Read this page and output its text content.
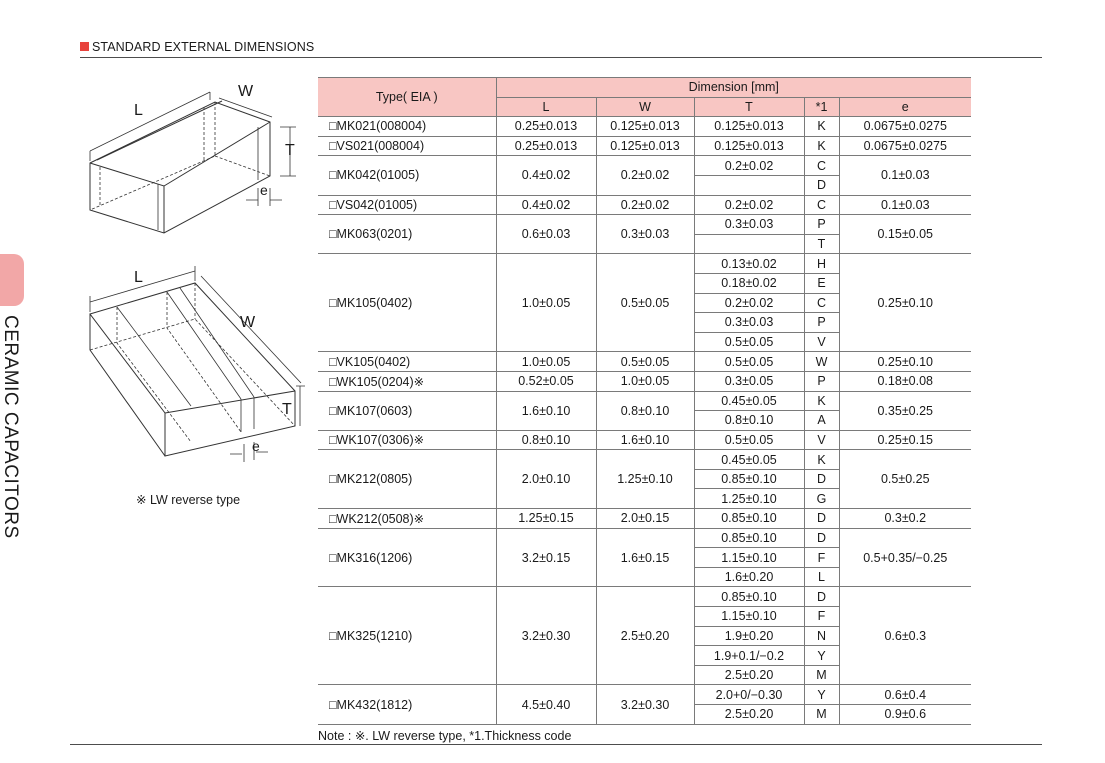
STANDARD EXTERNAL DIMENSIONS
CERAMIC CAPACITORS
L
W
T
e
L
W
T
e
※ LW reverse type
Type( EIA )	Dimension [mm]				
	L	W	T	*1	e
□MK021(008004)	0.25±0.013	0.125±0.013	0.125±0.013	K	0.0675±0.0275
□VS021(008004)	0.25±0.013	0.125±0.013	0.125±0.013	K	0.0675±0.0275
□MK042(01005)	0.4±0.02	0.2±0.02	0.2±0.02	C	0.1±0.03
				D	
□VS042(01005)	0.4±0.02	0.2±0.02	0.2±0.02	C	0.1±0.03
□MK063(0201)	0.6±0.03	0.3±0.03	0.3±0.03	P	0.15±0.05
				T	
□MK105(0402)	1.0±0.05	0.5±0.05	0.13±0.02	H	0.25±0.10
			0.18±0.02	E	
			0.2±0.02	C	
			0.3±0.03	P	
			0.5±0.05	V	
□VK105(0402)	1.0±0.05	0.5±0.05	0.5±0.05	W	0.25±0.10
□WK105(0204)※	0.52±0.05	1.0±0.05	0.3±0.05	P	0.18±0.08
□MK107(0603)	1.6±0.10	0.8±0.10	0.45±0.05	K	0.35±0.25
			0.8±0.10	A	
□WK107(0306)※	0.8±0.10	1.6±0.10	0.5±0.05	V	0.25±0.15
□MK212(0805)	2.0±0.10	1.25±0.10	0.45±0.05	K	0.5±0.25
			0.85±0.10	D	
			1.25±0.10	G	
□WK212(0508)※	1.25±0.15	2.0±0.15	0.85±0.10	D	0.3±0.2
□MK316(1206)	3.2±0.15	1.6±0.15	0.85±0.10	D	0.5+0.35/−0.25
			1.15±0.10	F	
			1.6±0.20	L	
□MK325(1210)	3.2±0.30	2.5±0.20	0.85±0.10	D	0.6±0.3
			1.15±0.10	F	
			1.9±0.20	N	
			1.9+0.1/−0.2	Y	
			2.5±0.20	M	
□MK432(1812)	4.5±0.40	3.2±0.30	2.0+0/−0.30	Y	0.6±0.4
			2.5±0.20	M	0.9±0.6
Note : ※. LW reverse type, *1.Thickness code
